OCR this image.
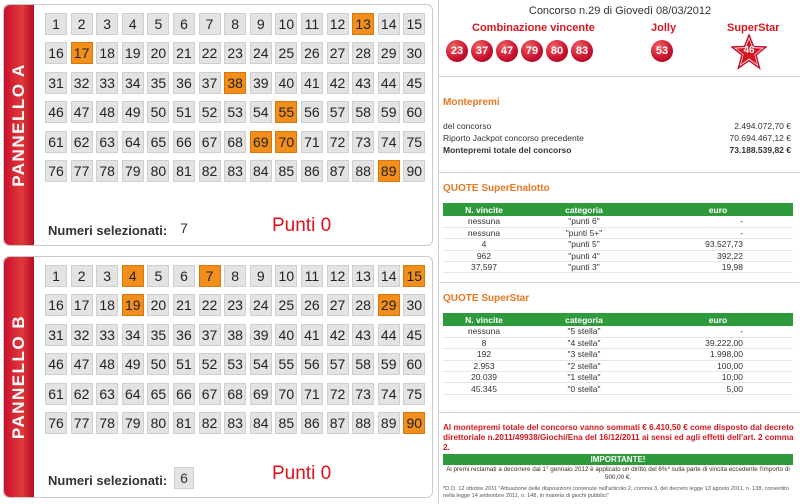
PANNELLO A
1	2	3	4	5	6	7	8	9 10 11 12 13 14 15
16 17 18 19 20 21 22 23 24 25 26 27 28 29 30
31 32 33 34 35 36 37 38 39 40 41 42 43 44 45
46 47 48 49 50 51 52 53 54 55 56 57 58 59 60
61 62 63 64 65 66 67 68 69 70 71 72 73 74 75
76 77 78 79 80 81 82 83 84 85 86 87 88 89 90
Numeri selezionati: 7	Punti 0
PANNELLO B
1	2	3	4	5	6	7	8	9 10 11 12 13 14 15
16 17 18 19 20 21 22 23 24 25 26 27 28 29 30
31 32 33 34 35 36 37 38 39 40 41 42 43 44 45
46 47 48 49 50 51 52 53 54 55 56 57 58 59 60
61 62 63 64 65 66 67 68 69 70 71 72 73 74 75
76 77 78 79 80 81 82 83 84 85 86 87 88 89 90
Numeri selezionati: 6	Punti 0
Concorso n.29 di Giovedì 08/03/2012
Combinazione vincente	Jolly	SuperStar
23	37	47	79	80	83	53	46
Montepremi
del concorso	2.494.072,70 €
Riporto Jackpot concorso precedente	70.694.467,12 €
Montepremi totale del concorso	73.188.539,82 €
QUOTE SuperEnalotto
N. vincite	categoria	euro
nessuna	"punti 6"	-
nessuna	"punti 5+"	-
4	"punti 5"	93.527,73
962	"punti 4"	392,22
37.597	"punti 3"	19,98
QUOTE SuperStar
N. vincite	categoria	euro
nessuna	"5 stella"	-
8	"4 stella"	39.222,00
192	"3 stella"	1.998,00
2.953	"2 stella"	100,00
20.039	"1 stella"	10,00
45.345	"0 stella"	5,00
Al montepremi totale del concorso vanno sommati € 6.410,50 € come disposto dal decreto direttoriale n.2011/49938/Giochi/Ena del 16/12/2011 ai sensi ed agli effetti dell'art. 2 comma 2.
IMPORTANTE!
Ai premi reclamati a decorrere dal 1° gennaio 2012 è applicato un diritto del 6%* sulla parte di vincita eccedente l'importo di 500,00 €.
*D.O. 12 ottobre 2011 "Attuazione delle disposizioni contenute nell'articolo 2, comma 3, del decreto legge 13 agosto 2011, n. 138, convertito nella legge 14 settembre 2011, n. 148, in materia di giochi pubblici"
